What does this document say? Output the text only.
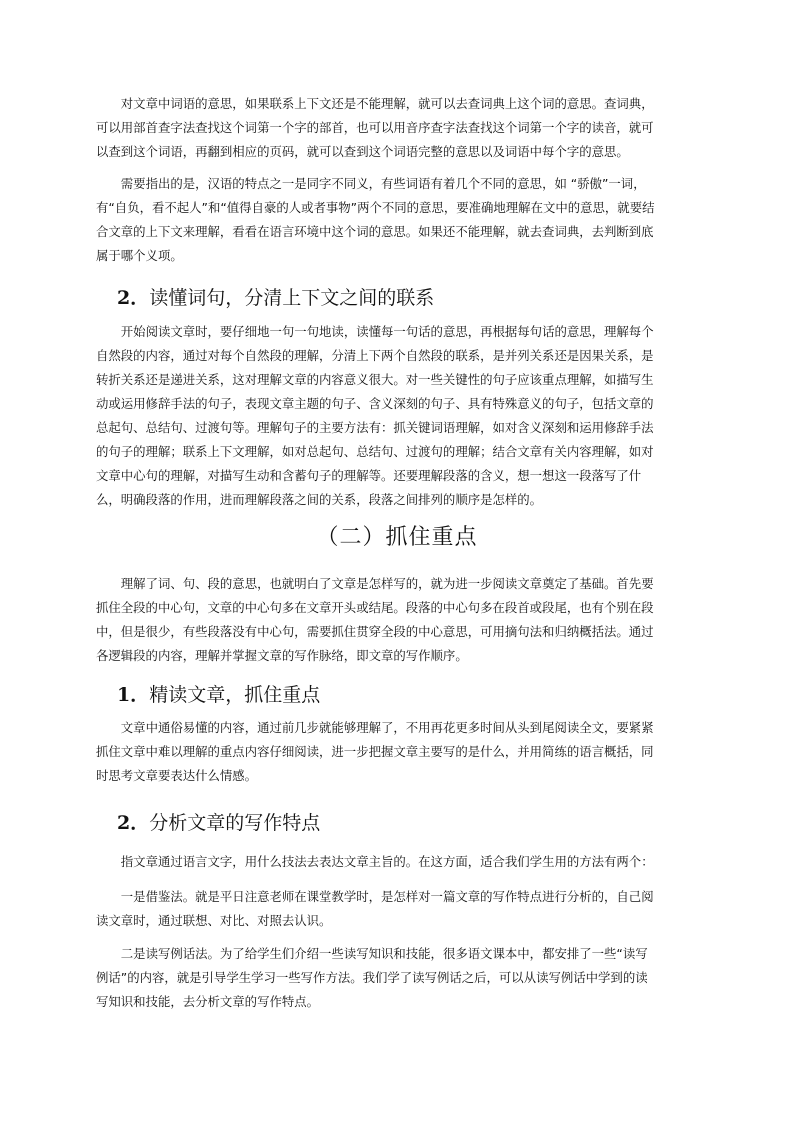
对文章中词语的意思，如果联系上下文还是不能理解，就可以去查词典上这个词的意思。查词典，
可以用部首查字法查找这个词第一个字的部首，也可以用音序查字法查找这个词第一个字的读音，就可
以查到这个词语，再翻到相应的页码，就可以查到这个词语完整的意思以及词语中每个字的意思。

需要指出的是，汉语的特点之一是同字不同义，有些词语有着几个不同的意思，如 “骄傲”一词，
有“自负，看不起人”和“值得自豪的人或者事物”两个不同的意思，要准确地理解在文中的意思，就要结
合文章的上下文来理解，看看在语言环境中这个词的意思。如果还不能理解，就去查词典，去判断到底
属于哪个义项。

2．读懂词句，分清上下文之间的联系

开始阅读文章时，要仔细地一句一句地读，读懂每一句话的意思，再根据每句话的意思，理解每个
自然段的内容，通过对每个自然段的理解，分清上下两个自然段的联系，是并列关系还是因果关系，是
转折关系还是递进关系，这对理解文章的内容意义很大。对一些关键性的句子应该重点理解，如描写生
动或运用修辞手法的句子，表现文章主题的句子、含义深刻的句子、具有特殊意义的句子，包括文章的
总起句、总结句、过渡句等。理解句子的主要方法有：抓关键词语理解，如对含义深刻和运用修辞手法
的句子的理解；联系上下文理解，如对总起句、总结句、过渡句的理解；结合文章有关内容理解，如对
文章中心句的理解，对描写生动和含蓄句子的理解等。还要理解段落的含义，想一想这一段落写了什
么，明确段落的作用，进而理解段落之间的关系，段落之间排列的顺序是怎样的。

（二）抓住重点

理解了词、句、段的意思，也就明白了文章是怎样写的，就为进一步阅读文章奠定了基础。首先要
抓住全段的中心句，文章的中心句多在文章开头或结尾。段落的中心句多在段首或段尾，也有个别在段
中，但是很少，有些段落没有中心句，需要抓住贯穿全段的中心意思，可用摘句法和归纳概括法。通过
各逻辑段的内容，理解并掌握文章的写作脉络，即文章的写作顺序。

1．精读文章，抓住重点

文章中通俗易懂的内容，通过前几步就能够理解了，不用再花更多时间从头到尾阅读全文，要紧紧
抓住文章中难以理解的重点内容仔细阅读，进一步把握文章主要写的是什么，并用简练的语言概括，同
时思考文章要表达什么情感。

2．分析文章的写作特点

指文章通过语言文字，用什么技法去表达文章主旨的。在这方面，适合我们学生用的方法有两个：

一是借鉴法。就是平日注意老师在课堂教学时，是怎样对一篇文章的写作特点进行分析的，自己阅
读文章时，通过联想、对比、对照去认识。

二是读写例话法。为了给学生们介绍一些读写知识和技能，很多语文课本中，都安排了一些“读写
例话”的内容，就是引导学生学习一些写作方法。我们学了读写例话之后，可以从读写例话中学到的读
写知识和技能，去分析文章的写作特点。
